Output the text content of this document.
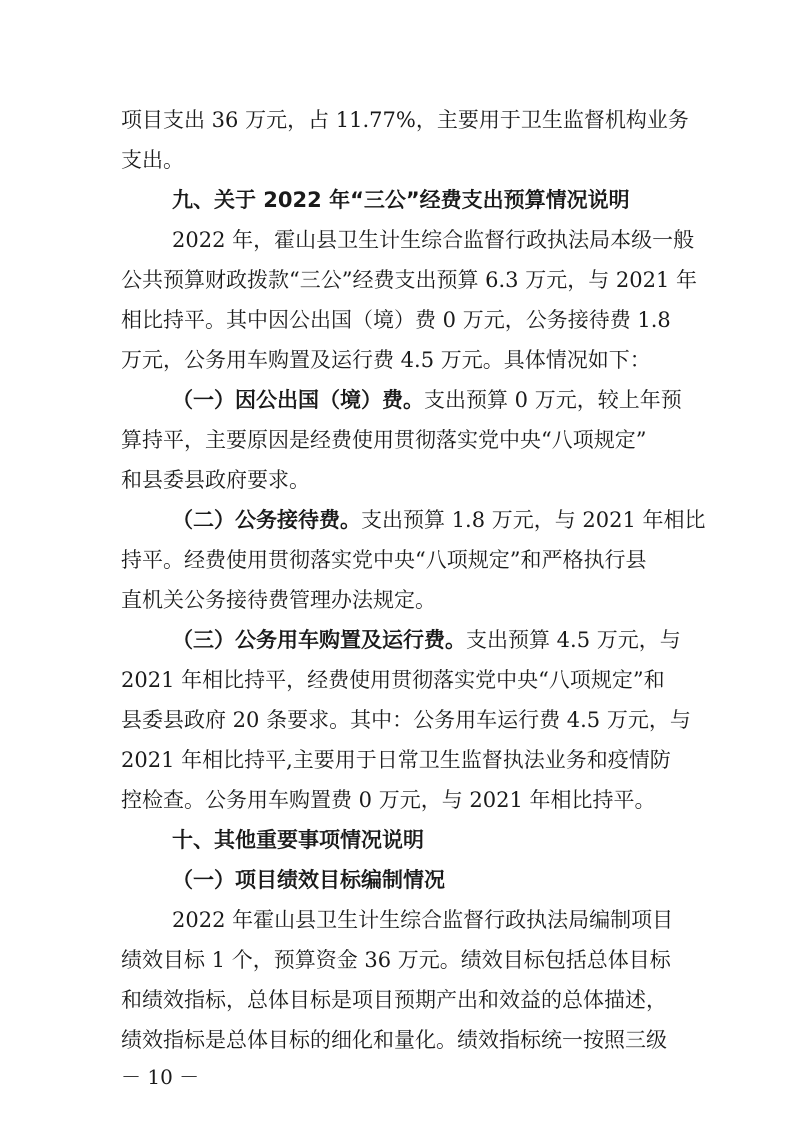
项目支出 36 万元，占 11.77%，主要用于卫生监督机构业务
支出。
九、关于 2022 年“三公”经费支出预算情况说明
2022 年，霍山县卫生计生综合监督行政执法局本级一般
公共预算财政拨款“三公”经费支出预算 6.3 万元，与 2021 年
相比持平。其中因公出国（境）费 0 万元，公务接待费 1.8
万元，公务用车购置及运行费 4.5 万元。具体情况如下：
（一）因公出国（境）费。支出预算 0 万元，较上年预
算持平，主要原因是经费使用贯彻落实党中央“八项规定”
和县委县政府要求。
（二）公务接待费。支出预算 1.8 万元，与 2021 年相比
持平。经费使用贯彻落实党中央“八项规定”和严格执行县
直机关公务接待费管理办法规定。
（三）公务用车购置及运行费。支出预算 4.5 万元，与
2021 年相比持平，经费使用贯彻落实党中央“八项规定”和
县委县政府 20 条要求。其中：公务用车运行费 4.5 万元，与
2021 年相比持平,主要用于日常卫生监督执法业务和疫情防
控检查。公务用车购置费 0 万元，与 2021 年相比持平。
十、其他重要事项情况说明
（一）项目绩效目标编制情况
2022 年霍山县卫生计生综合监督行政执法局编制项目
绩效目标 1 个，预算资金 36 万元。绩效目标包括总体目标
和绩效指标，总体目标是项目预期产出和效益的总体描述，
绩效指标是总体目标的细化和量化。绩效指标统一按照三级
－ 10 －
